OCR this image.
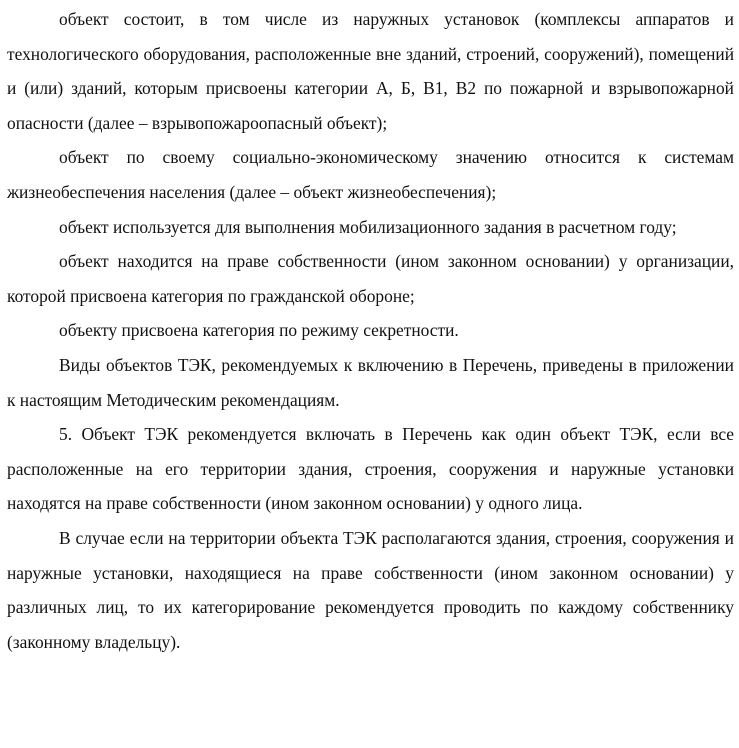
объект состоит, в том числе из наружных установок (комплексы аппаратов и технологического оборудования, расположенные вне зданий, строений, сооружений), помещений и (или) зданий, которым присвоены категории А, Б, В1, В2 по пожарной и взрывопожарной опасности (далее – взрывопожароопасный объект);

объект по своему социально-экономическому значению относится к системам жизнеобеспечения населения (далее – объект жизнеобеспечения);

объект используется для выполнения мобилизационного задания в расчетном году;

объект находится на праве собственности (ином законном основании) у организации, которой присвоена категория по гражданской обороне;

объекту присвоена категория по режиму секретности.

Виды объектов ТЭК, рекомендуемых к включению в Перечень, приведены в приложении к настоящим Методическим рекомендациям.

5. Объект ТЭК рекомендуется включать в Перечень как один объект ТЭК, если все расположенные на его территории здания, строения, сооружения и наружные установки находятся на праве собственности (ином законном основании) у одного лица.

В случае если на территории объекта ТЭК располагаются здания, строения, сооружения и наружные установки, находящиеся на праве собственности (ином законном основании) у различных лиц, то их категорирование рекомендуется проводить по каждому собственнику (законному владельцу).
